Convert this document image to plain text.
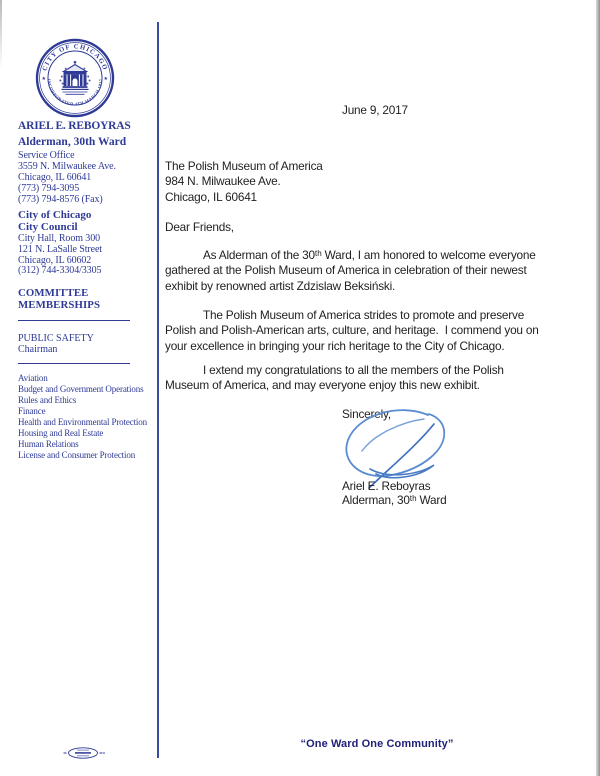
CITY OF CHICAGO
INCORPORATED 4TH MARCH 1837
★	★
ARIEL E. REBOYRAS
Alderman, 30th Ward
Service Office
3559 N. Milwaukee Ave.
Chicago, IL 60641
(773) 794-3095
(773) 794-8576 (Fax)
City of Chicago
City Council
City Hall, Room 300
121 N. LaSalle Street
Chicago, IL 60602
(312) 744-3304/3305
COMMITTEE
MEMBERSHIPS
PUBLIC SAFETY
Chairman
Aviation
Budget and Government Operations
Rules and Ethics
Finance
Health and Environmental Protection
Housing and Real Estate
Human Relations
License and Consumer Protection
June 9, 2017
The Polish Museum of America
984 N. Milwaukee Ave.
Chicago, IL 60641
Dear Friends,
As Alderman of the 30ᵗʰ Ward, I am honored to welcome everyone
gathered at the Polish Museum of America in celebration of their newest
exhibit by renowned artist Zdzislaw Beksiński.
The Polish Museum of America strides to promote and preserve
Polish and Polish-American arts, culture, and heritage.  I commend you on
your excellence in bringing your rich heritage to the City of Chicago.
I extend my congratulations to all the members of the Polish
Museum of America, and may everyone enjoy this new exhibit.
Sincerely,
Ariel E. Reboyras
Alderman, 30ᵗʰ Ward
“One Ward One Community”
